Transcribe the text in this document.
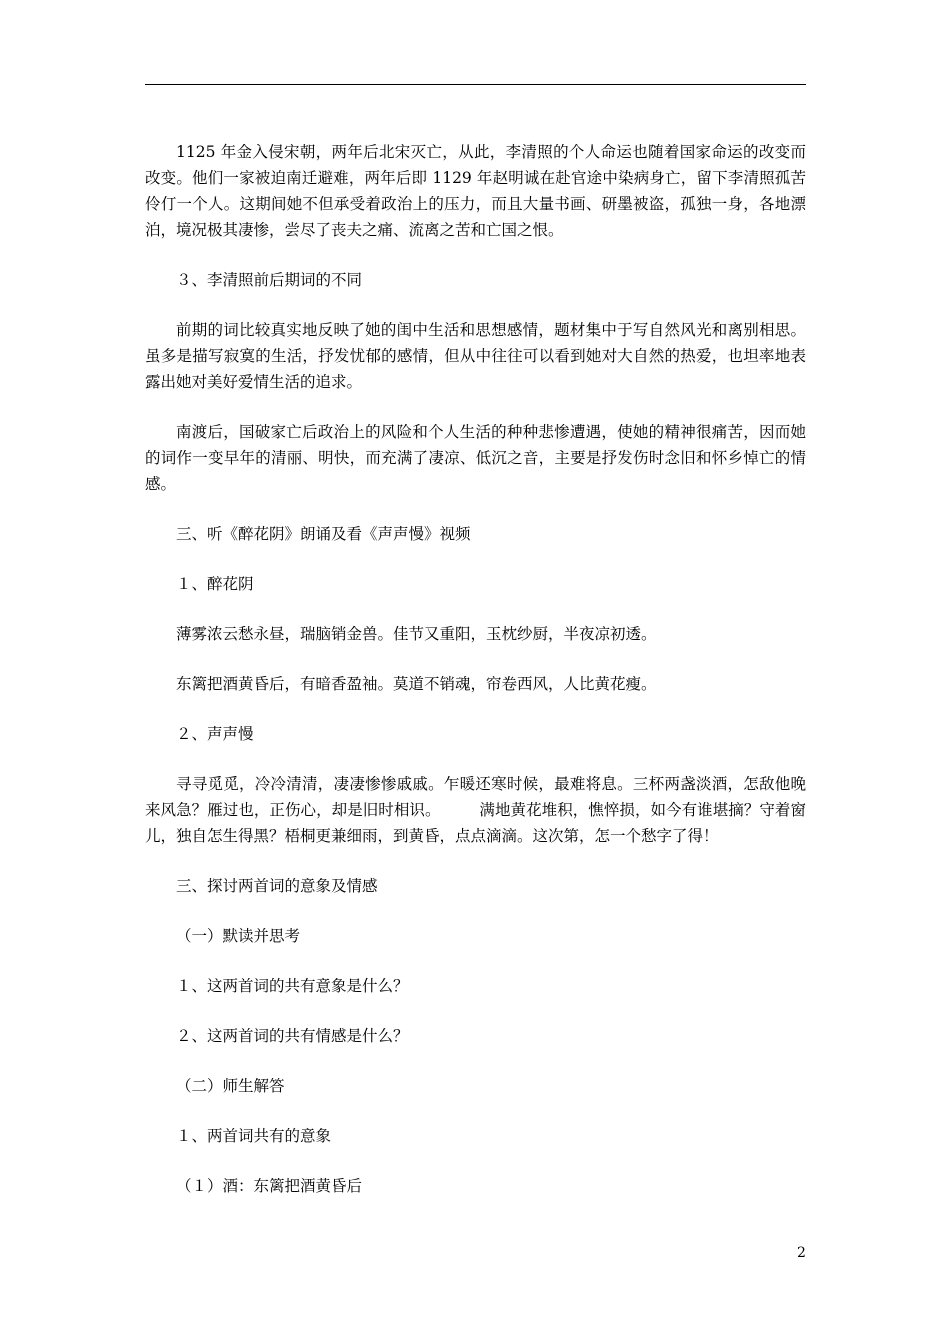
1125 年金入侵宋朝，两年后北宋灭亡，从此，李清照的个人命运也随着国家命运的改变而改变。他们一家被迫南迁避难，两年后即 1129 年赵明诚在赴官途中染病身亡，留下李清照孤苦伶仃一个人。这期间她不但承受着政治上的压力，而且大量书画、研墨被盗，孤独一身，各地漂泊，境况极其凄惨，尝尽了丧夫之痛、流离之苦和亡国之恨。

３、李清照前后期词的不同

前期的词比较真实地反映了她的闺中生活和思想感情，题材集中于写自然风光和离别相思。虽多是描写寂寞的生活，抒发忧郁的感情，但从中往往可以看到她对大自然的热爱，也坦率地表露出她对美好爱情生活的追求。

南渡后，国破家亡后政治上的风险和个人生活的种种悲惨遭遇，使她的精神很痛苦，因而她的词作一变早年的清丽、明快，而充满了凄凉、低沉之音，主要是抒发伤时念旧和怀乡悼亡的情感。

三、听《醉花阴》朗诵及看《声声慢》视频

１、醉花阴

薄雾浓云愁永昼，瑞脑销金兽。佳节又重阳，玉枕纱厨，半夜凉初透。

东篱把酒黄昏后，有暗香盈袖。莫道不销魂，帘卷西风，人比黄花瘦。

２、声声慢

寻寻觅觅，冷冷清清，凄凄惨惨戚戚。乍暖还寒时候，最难将息。三杯两盏淡酒，怎敌他晚来风急？雁过也，正伤心，却是旧时相识。　　　满地黄花堆积，憔悴损，如今有谁堪摘？守着窗儿，独自怎生得黑？梧桐更兼细雨，到黄昏，点点滴滴。这次第，怎一个愁字了得！

三、探讨两首词的意象及情感

（一）默读并思考

１、这两首词的共有意象是什么？

２、这两首词的共有情感是什么？

（二）师生解答

１、两首词共有的意象

（１）酒：东篱把酒黄昏后

2
